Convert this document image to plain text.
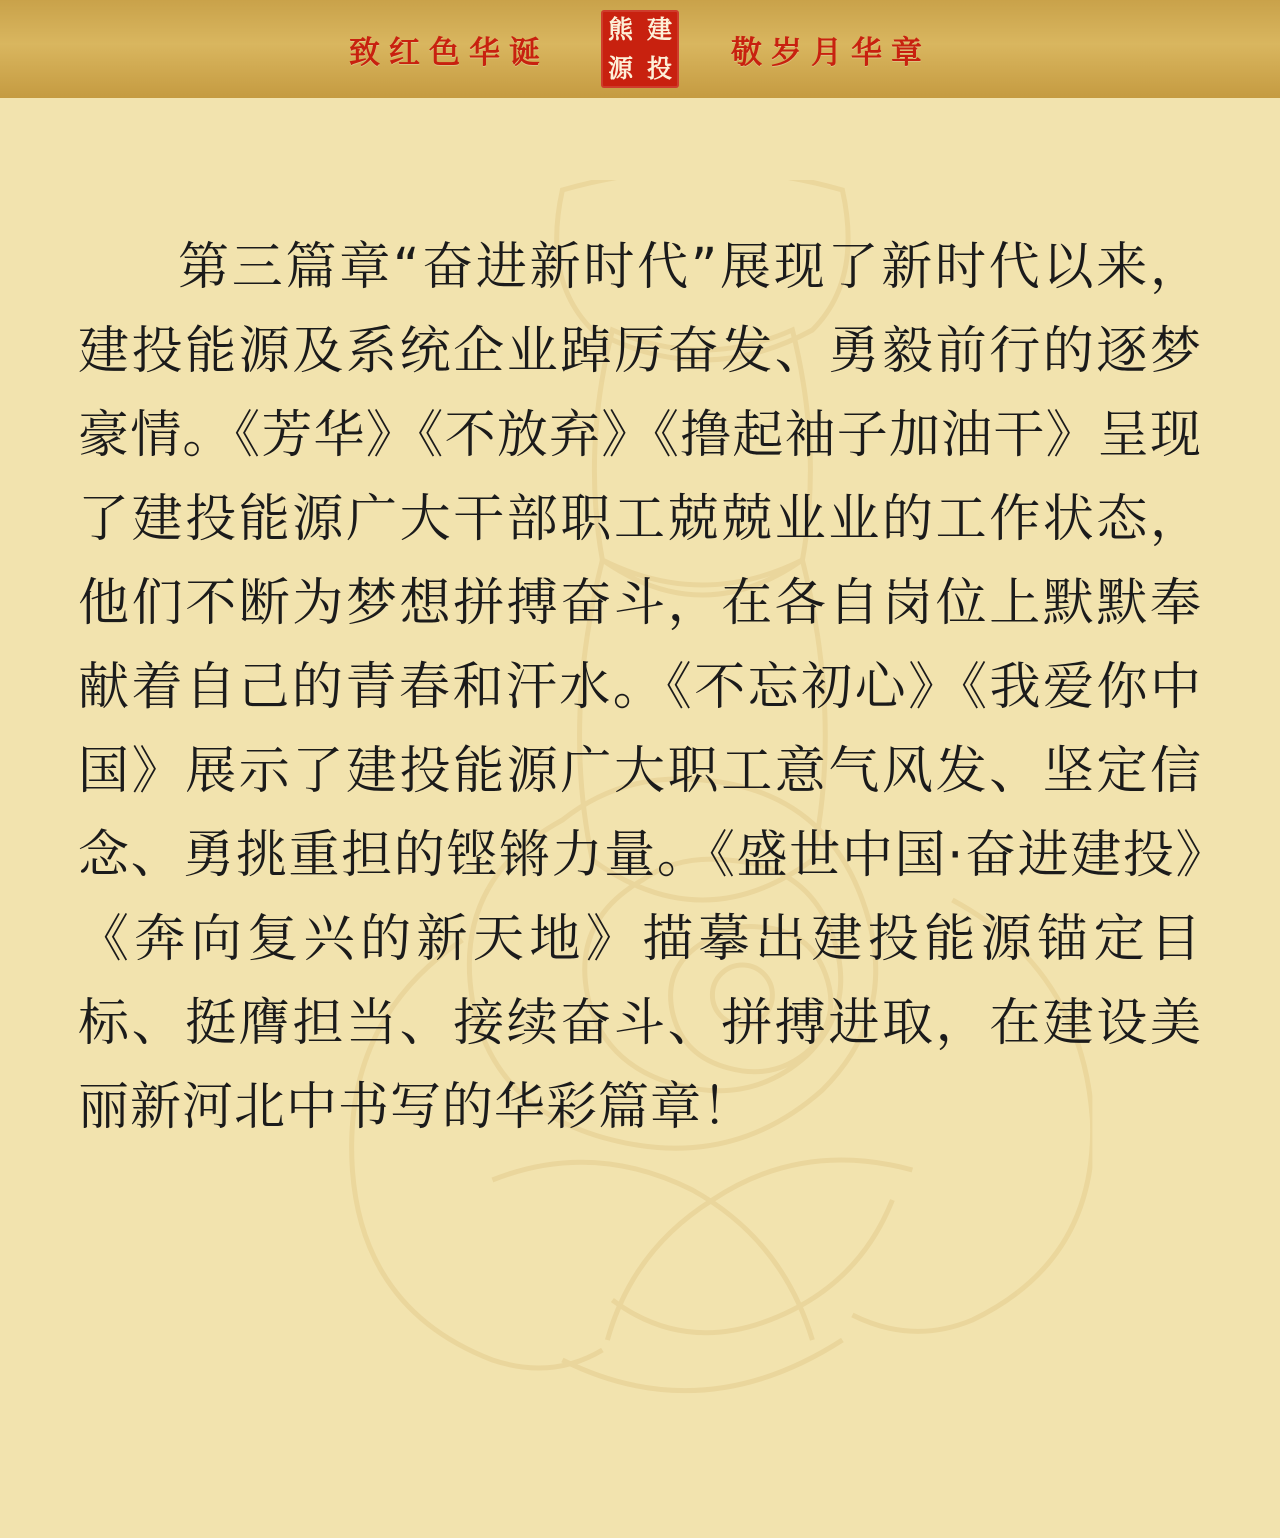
致红色华诞
熊 建
源 投 敬岁月华章

第三篇章“奋进新时代”展现了新时代以来，建投能源及系统企业踔厉奋发、勇毅前行的逐梦豪情。《芳华》《不放弃》《撸起袖子加油干》呈现了建投能源广大干部职工兢兢业业的工作状态，他们不断为梦想拼搏奋斗，在各自岗位上默默奉献着自己的青春和汗水。《不忘初心》《我爱你中国》展示了建投能源广大职工意气风发、坚定信念、勇挑重担的铿锵力量。《盛世中国·奋进建投》《奔向复兴的新天地》描摹出建投能源锚定目标、挺膺担当、接续奋斗、拼搏进取，在建设美丽新河北中书写的华彩篇章！
